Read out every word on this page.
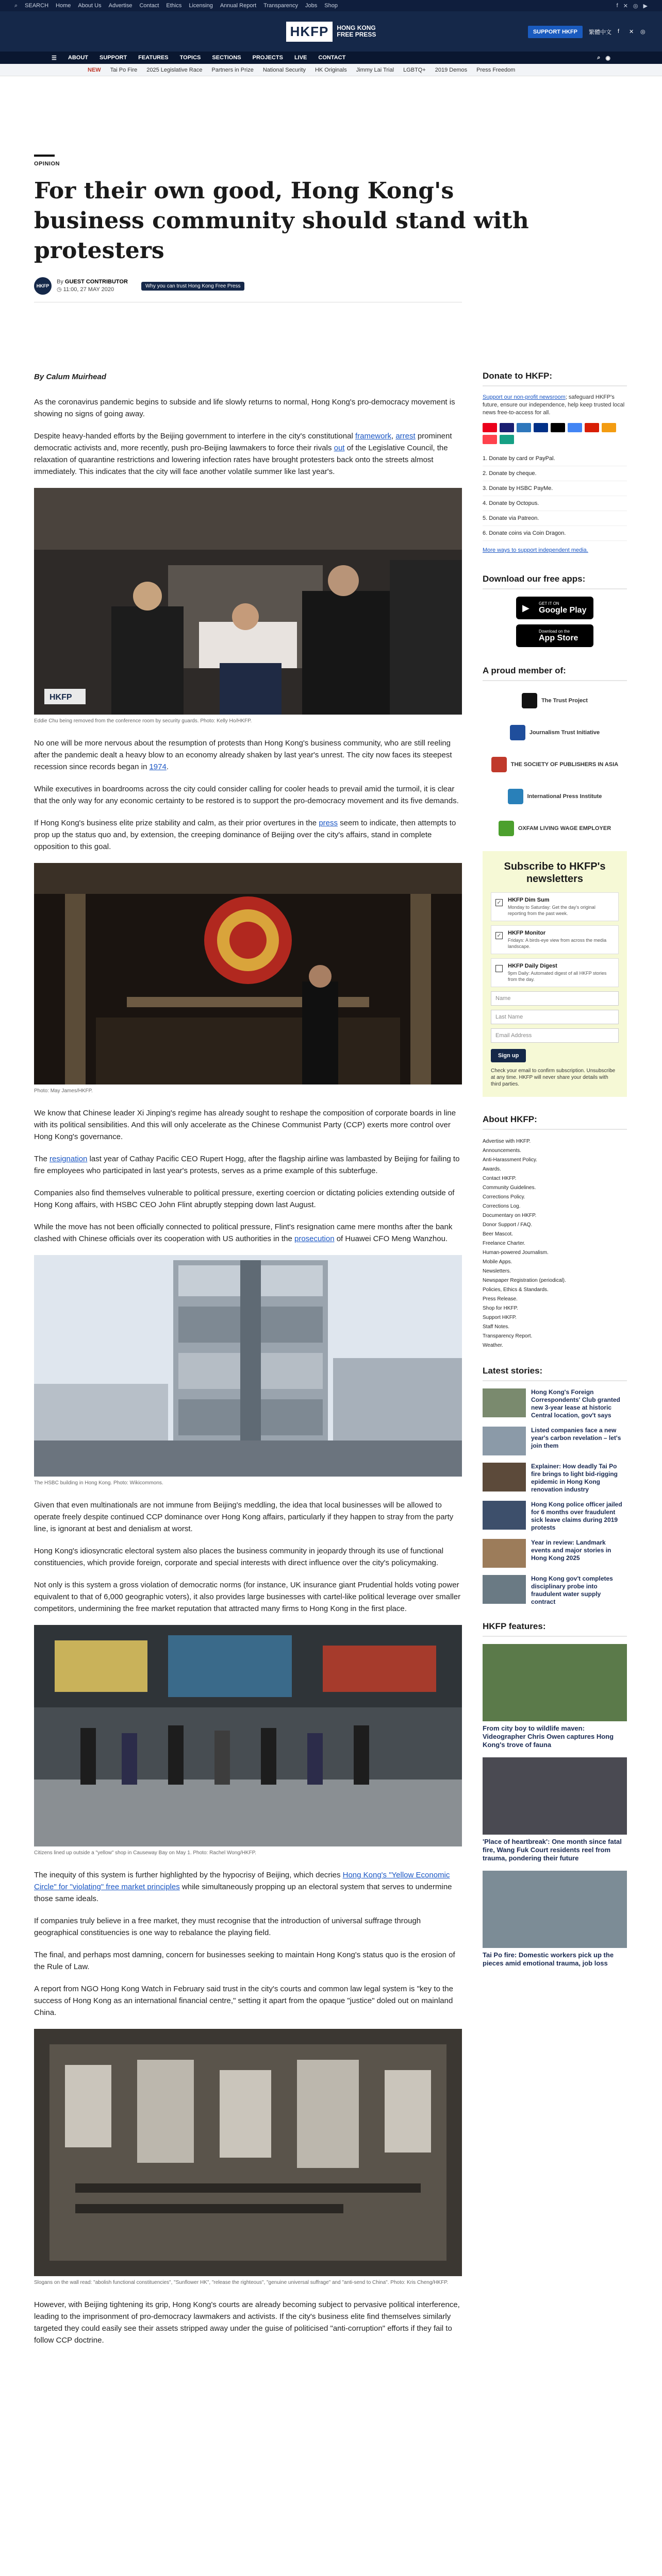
⌕ SEARCH Home About Us Advertise Contact Ethics Licensing Annual Report Transparency Jobs Shop	f ✕ ◎ ▶
HKFP	HONG KONG
FREE PRESS	SUPPORT HKFP	繁體中文 f	✕	◎
☰ ABOUT SUPPORT FEATURES TOPICS SECTIONS PROJECTS LIVE CONTACT	⌕ ◉
NEW Tai Po Fire 2025 Legislative Race Partners in Prize National Security HK Originals Jimmy Lai Trial LGBTQ+ 2019 Demos Press Freedom
OPINION
For their own good, Hong Kong's business community should stand with protesters
HKFP
By GUEST CONTRIBUTOR
◷ 11:00, 27 MAY 2020
Why you can trust Hong Kong Free Press

By Calum Muirhead

As the coronavirus pandemic begins to subside and life slowly returns to normal, Hong Kong's pro-democracy movement is showing no signs of going away.

Despite heavy-handed efforts by the Beijing government to interfere in the city's constitutional framework, arrest prominent democratic activists and, more recently, push pro-Beijing lawmakers to force their rivals out of the Legislative Council, the relaxation of quarantine restrictions and lowering infection rates have brought protesters back onto the streets almost immediately. This indicates that the city will face another volatile summer like last year's.

HKFP
Eddie Chu being removed from the conference room by security guards. Photo: Kelly Ho/HKFP.

No one will be more nervous about the resumption of protests than Hong Kong's business community, who are still reeling after the pandemic dealt a heavy blow to an economy already shaken by last year's unrest. The city now faces its steepest recession since records began in 1974.

While executives in boardrooms across the city could consider calling for cooler heads to prevail amid the turmoil, it is clear that the only way for any economic certainty to be restored is to support the pro-democracy movement and its five demands.

If Hong Kong's business elite prize stability and calm, as their prior overtures in the press seem to indicate, then attempts to prop up the status quo and, by extension, the creeping dominance of Beijing over the city's affairs, stand in complete opposition to this goal.

Photo: May James/HKFP.

We know that Chinese leader Xi Jinping's regime has already sought to reshape the composition of corporate boards in line with its political sensibilities. And this will only accelerate as the Chinese Communist Party (CCP) exerts more control over Hong Kong's governance.

The resignation last year of Cathay Pacific CEO Rupert Hogg, after the flagship airline was lambasted by Beijing for failing to fire employees who participated in last year's protests, serves as a prime example of this subterfuge.

Companies also find themselves vulnerable to political pressure, exerting coercion or dictating policies extending outside of Hong Kong affairs, with HSBC CEO John Flint abruptly stepping down last August.

While the move has not been officially connected to political pressure, Flint's resignation came mere months after the bank clashed with Chinese officials over its cooperation with US authorities in the prosecution of Huawei CFO Meng Wanzhou.

The HSBC building in Hong Kong. Photo: Wikicommons.

Given that even multinationals are not immune from Beijing's meddling, the idea that local businesses will be allowed to operate freely despite continued CCP dominance over Hong Kong affairs, particularly if they happen to stray from the party line, is ignorant at best and denialism at worst.

Hong Kong's idiosyncratic electoral system also places the business community in jeopardy through its use of functional constituencies, which provide foreign, corporate and special interests with direct influence over the city's policymaking.

Not only is this system a gross violation of democratic norms (for instance, UK insurance giant Prudential holds voting power equivalent to that of 6,000 geographic voters), it also provides large businesses with cartel-like political leverage over smaller competitors, undermining the free market reputation that attracted many firms to Hong Kong in the first place.

Citizens lined up outside a "yellow" shop in Causeway Bay on May 1. Photo: Rachel Wong/HKFP.

The inequity of this system is further highlighted by the hypocrisy of Beijing, which decries Hong Kong's "Yellow Economic Circle" for "violating" free market principles while simultaneously propping up an electoral system that serves to undermine those same ideals.

If companies truly believe in a free market, they must recognise that the introduction of universal suffrage through geographical constituencies is one way to rebalance the playing field.

The final, and perhaps most damning, concern for businesses seeking to maintain Hong Kong's status quo is the erosion of the Rule of Law.

A report from NGO Hong Kong Watch in February said trust in the city's courts and common law legal system is "key to the success of Hong Kong as an international financial centre," setting it apart from the opaque "justice" doled out on mainland China.

Slogans on the wall read: "abolish functional constituencies", "Sunflower HK", "release the righteous", "genuine universal suffrage" and "anti-send to China". Photo: Kris Cheng/HKFP.

However, with Beijing tightening its grip, Hong Kong's courts are already becoming subject to pervasive political interference, leading to the imprisonment of pro-democracy lawmakers and activists. If the city's business elite find themselves similarly targeted they could easily see their assets stripped away under the guise of politicised "anti-corruption" efforts if they fail to follow CCP doctrine.

Donate to HKFP:
Support our non-profit newsroom; safeguard HKFP's future, ensure our independence, help keep trusted local news free-to-access for all.
1. Donate by card or PayPal.
2. Donate by cheque.
3. Donate by HSBC PayMe.
4. Donate by Octopus.
5. Donate via Patreon.
6. Donate coins via Coin Dragon.
More ways to support independent media.
Download our free apps:
▶	GET IT ON
Google Play
Download on the
App Store
A proud member of:
The Trust Project
Journalism Trust Initiative
THE SOCIETY OF PUBLISHERS IN ASIA
International Press Institute
OXFAM LIVING WAGE EMPLOYER
Subscribe to HKFP's newsletters
✓ HKFP Dim Sum
Monday to Saturday: Get the day's original reporting from the past week.
✓ HKFP Monitor
Fridays: A birds-eye view from across the media landscape.
HKFP Daily Digest
9pm Daily: Automated digest of all HKFP stories from the day.
Name
Last Name
Email Address
Sign up
Check your email to confirm subscription. Unsubscribe at any time. HKFP will never share your details with third parties.
About HKFP:
Advertise with HKFP.
Announcements.
Anti-Harassment Policy.
Awards.
Contact HKFP.
Community Guidelines.
Corrections Policy.
Corrections Log.
Documentary on HKFP.
Donor Support / FAQ.
Beer Mascot.
Freelance Charter.
Human-powered Journalism.
Mobile Apps.
Newsletters.
Newspaper Registration (periodical).
Policies, Ethics & Standards.
Press Release.
Shop for HKFP.
Support HKFP.
Staff Notes.
Transparency Report.
Weather.
Latest stories:
Hong Kong's Foreign Correspondents' Club granted new 3-year lease at historic Central location, gov't says
Listed companies face a new year's carbon revelation – let's join them
Explainer: How deadly Tai Po fire brings to light bid-rigging epidemic in Hong Kong renovation industry
Hong Kong police officer jailed for 6 months over fraudulent sick leave claims during 2019 protests
Year in review: Landmark events and major stories in Hong Kong 2025
Hong Kong gov't completes disciplinary probe into fraudulent water supply contract
HKFP features:
From city boy to wildlife maven: Videographer Chris Owen captures Hong Kong's trove of fauna
'Place of heartbreak': One month since fatal fire, Wang Fuk Court residents reel from trauma, pondering their future
Tai Po fire: Domestic workers pick up the pieces amid emotional trauma, job loss
